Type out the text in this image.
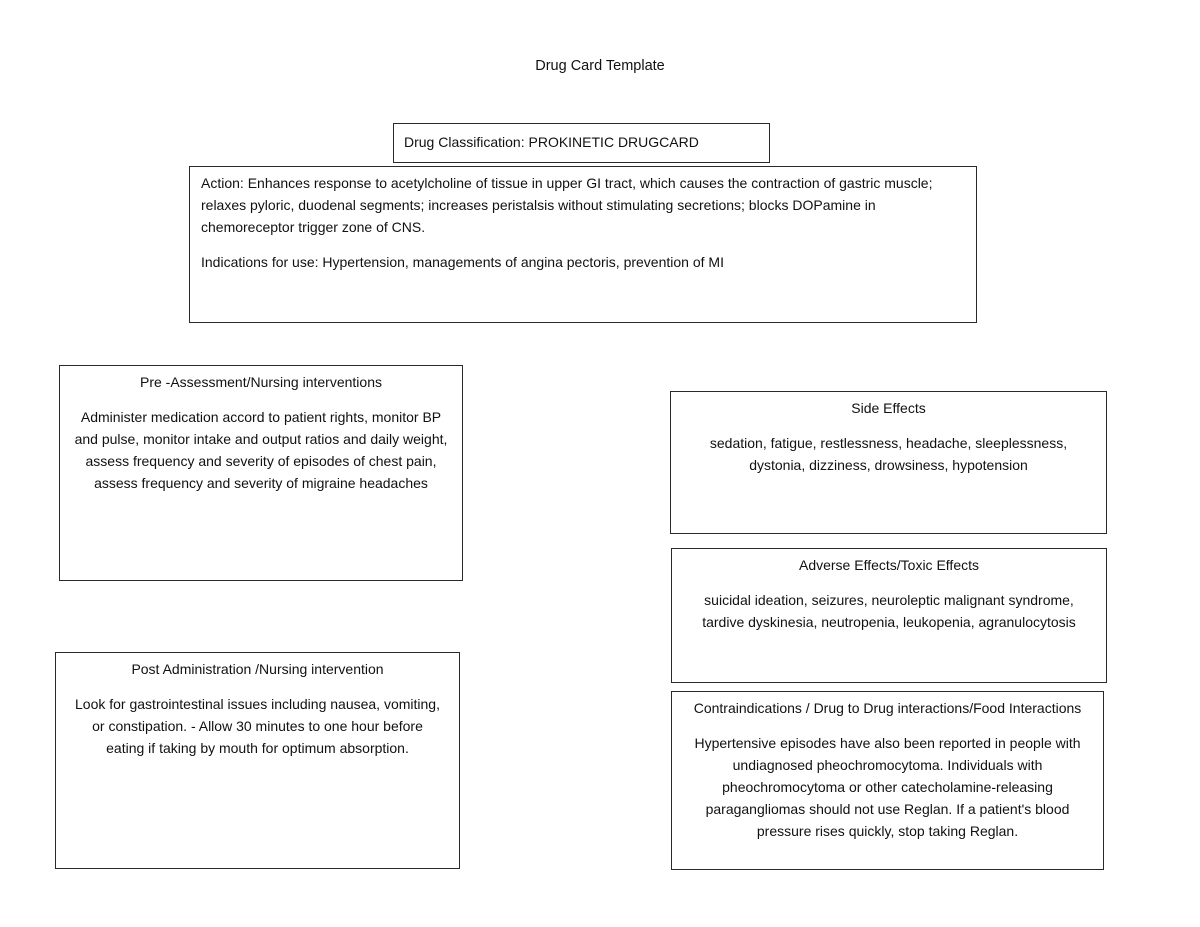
Drug Card Template

Drug Classification: PROKINETIC DRUGCARD

Action: Enhances response to acetylcholine of tissue in upper GI tract, which causes the contraction of gastric muscle; relaxes pyloric, duodenal segments; increases peristalsis without stimulating secretions; blocks DOPamine in chemoreceptor trigger zone of CNS.

Indications for use: Hypertension, managements of angina pectoris, prevention of MI

Pre -Assessment/Nursing interventions

Administer medication accord to patient rights, monitor BP and pulse, monitor intake and output ratios and daily weight, assess frequency and severity of episodes of chest pain, assess frequency and severity of migraine headaches

Post Administration /Nursing intervention

Look for gastrointestinal issues including nausea, vomiting, or constipation. - Allow 30 minutes to one hour before eating if taking by mouth for optimum absorption.

Side Effects

sedation, fatigue, restlessness, headache, sleeplessness, dystonia, dizziness, drowsiness, hypotension

Adverse Effects/Toxic Effects

suicidal ideation, seizures, neuroleptic malignant syndrome, tardive dyskinesia, neutropenia, leukopenia, agranulocytosis

Contraindications / Drug to Drug interactions/Food Interactions

Hypertensive episodes have also been reported in people with undiagnosed pheochromocytoma. Individuals with pheochromocytoma or other catecholamine-releasing paragangliomas should not use Reglan. If a patient's blood pressure rises quickly, stop taking Reglan.
